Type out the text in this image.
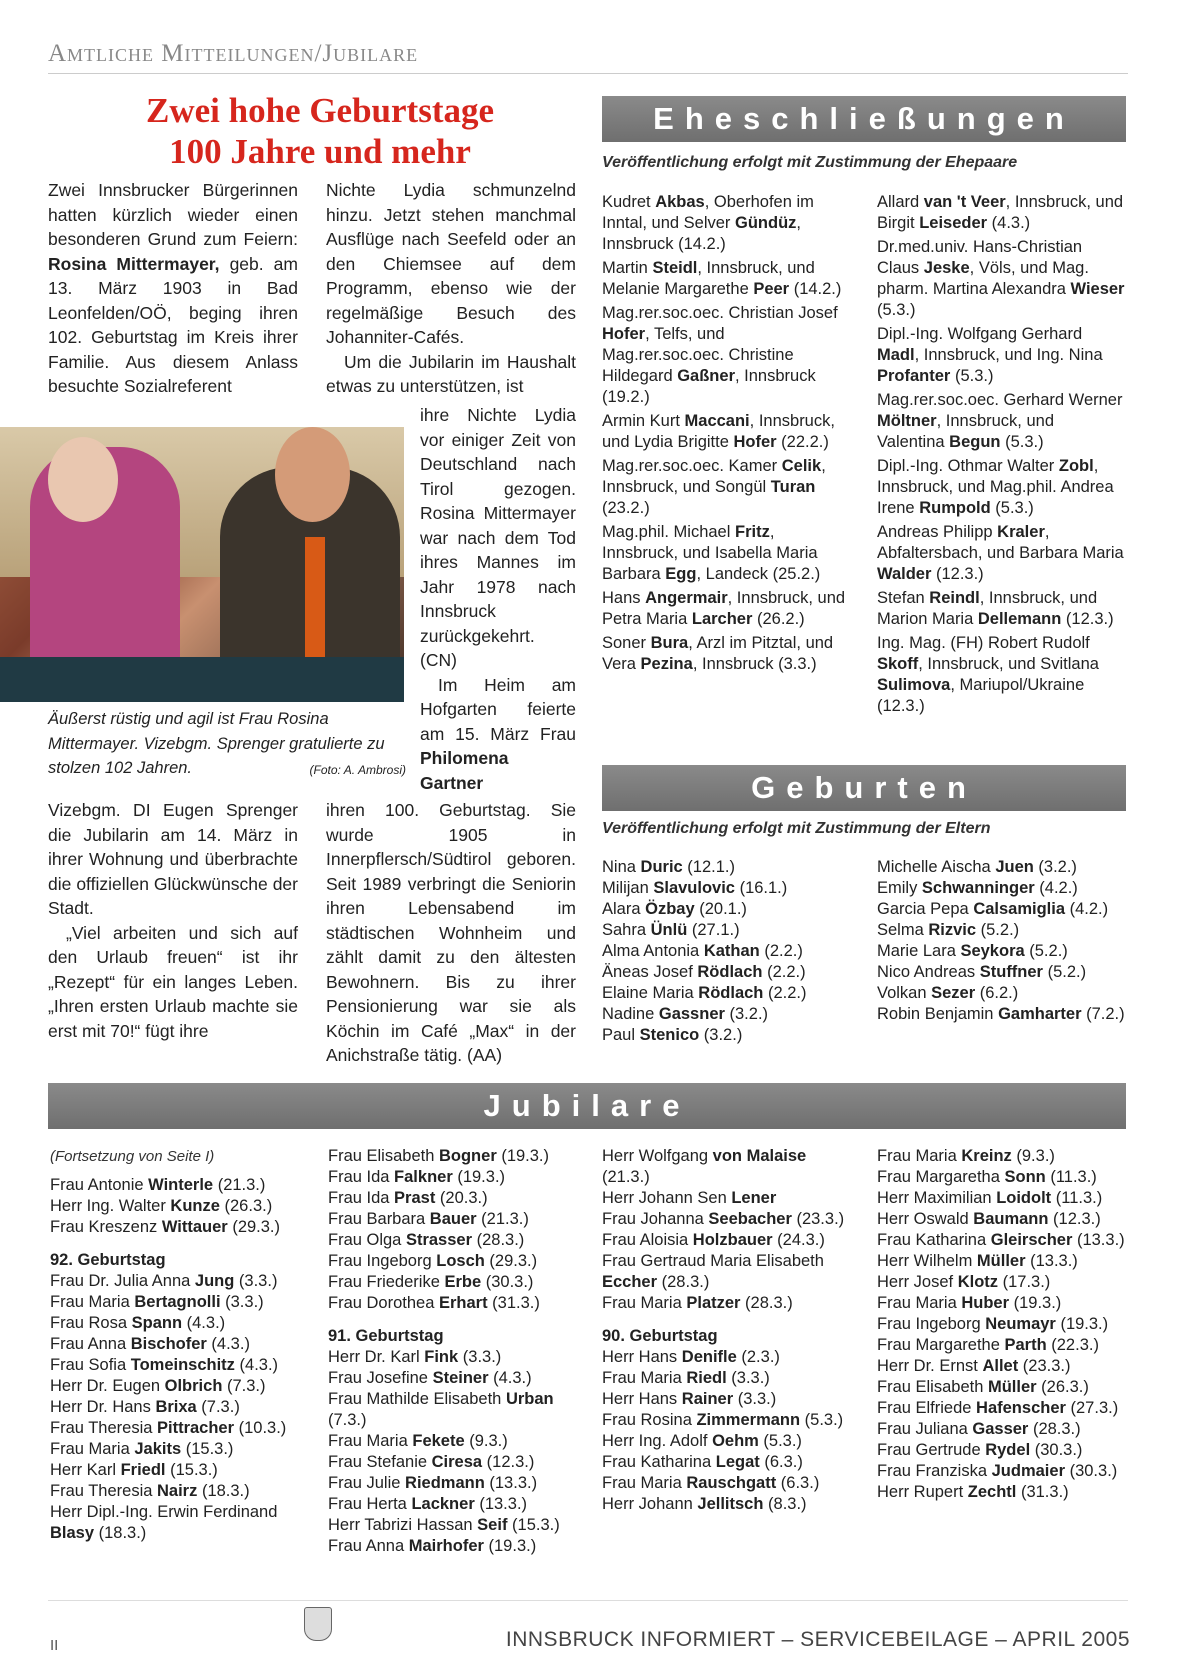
Amtliche Mitteilungen/Jubilare
Zwei hohe Geburtstage
100 Jahre und mehr

Zwei Innsbrucker Bürgerinnen hatten kürzlich wieder einen besonderen Grund zum Feiern: Rosina Mittermayer, geb. am 13. März 1903 in Bad Leonfelden/OÖ, beging ihren 102. Geburtstag im Kreis ihrer Familie. Aus diesem Anlass besuchte Sozialreferent

Äußerst rüstig und agil ist Frau Rosina Mittermayer. Vizebgm. Sprenger gratulierte zu stolzen 102 Jahren.	(Foto: A. Ambrosi)

Vizebgm. DI Eugen Sprenger die Jubilarin am 14. März in ihrer Wohnung und überbrachte die offiziellen Glückwünsche der Stadt.

„Viel arbeiten und sich auf den Urlaub freuen“ ist ihr „Rezept“ für ein langes Leben. „Ihren ersten Urlaub machte sie erst mit 70!“ fügt ihre

Nichte Lydia schmunzelnd hinzu. Jetzt stehen manchmal Ausflüge nach Seefeld oder an den Chiemsee auf dem Programm, ebenso wie der regelmäßige Besuch des Johanniter-Cafés.

Um die Jubilarin im Haushalt etwas zu unterstützen, ist

ihre Nichte Lydia vor einiger Zeit von Deutschland nach Tirol gezogen. Rosina Mittermayer war nach dem Tod ihres Mannes im Jahr 1978 nach Innsbruck zurückgekehrt. (CN)

Im Heim am Hofgarten feierte am 15. März Frau Philomena Gartner

ihren 100. Geburtstag. Sie wurde 1905 in Innerpflersch/Südtirol geboren. Seit 1989 verbringt die Seniorin ihren Lebensabend im städtischen Wohnheim und zählt damit zu den ältesten Bewohnern. Bis zu ihrer Pensionierung war sie als Köchin im Café „Max“ in der Anichstraße tätig. (AA)

Eheschließungen
Veröffentlichung erfolgt mit Zustimmung der Ehepaare
Kudret Akbas, Oberhofen im Inntal, und Selver Gündüz, Innsbruck (14.2.)
Martin Steidl, Innsbruck, und Melanie Margarethe Peer (14.2.)
Mag.rer.soc.oec. Christian Josef Hofer, Telfs, und Mag.rer.soc.oec. Christine Hildegard Gaßner, Innsbruck (19.2.)
Armin Kurt Maccani, Innsbruck, und Lydia Brigitte Hofer (22.2.)
Mag.rer.soc.oec. Kamer Celik, Innsbruck, und Songül Turan (23.2.)
Mag.phil. Michael Fritz, Innsbruck, und Isabella Maria Barbara Egg, Landeck (25.2.)
Hans Angermair, Innsbruck, und Petra Maria Larcher (26.2.)
Soner Bura, Arzl im Pitztal, und Vera Pezina, Innsbruck (3.3.)
Allard van 't Veer, Innsbruck, und Birgit Leiseder (4.3.)
Dr.med.univ. Hans-Christian Claus Jeske, Völs, und Mag. pharm. Martina Alexandra Wieser (5.3.)
Dipl.-Ing. Wolfgang Gerhard Madl, Innsbruck, und Ing. Nina Profanter (5.3.)
Mag.rer.soc.oec. Gerhard Werner Möltner, Innsbruck, und Valentina Begun (5.3.)
Dipl.-Ing. Othmar Walter Zobl, Innsbruck, und Mag.phil. Andrea Irene Rumpold (5.3.)
Andreas Philipp Kraler, Abfaltersbach, und Barbara Maria Walder (12.3.)
Stefan Reindl, Innsbruck, und Marion Maria Dellemann (12.3.)
Ing. Mag. (FH) Robert Rudolf Skoff, Innsbruck, und Svitlana Sulimova, Mariupol/Ukraine (12.3.)
Geburten
Veröffentlichung erfolgt mit Zustimmung der Eltern
Nina Duric (12.1.)
Milijan Slavulovic (16.1.)
Alara Özbay (20.1.)
Sahra Ünlü (27.1.)
Alma Antonia Kathan (2.2.)
Äneas Josef Rödlach (2.2.)
Elaine Maria Rödlach (2.2.)
Nadine Gassner (3.2.)
Paul Stenico (3.2.)
Michelle Aischa Juen (3.2.)
Emily Schwanninger (4.2.)
Garcia Pepa Calsamiglia (4.2.)
Selma Rizvic (5.2.)
Marie Lara Seykora (5.2.)
Nico Andreas Stuffner (5.2.)
Volkan Sezer (6.2.)
Robin Benjamin Gamharter (7.2.)
Jubilare
(Fortsetzung von Seite I)
Frau Antonie Winterle (21.3.)
Herr Ing. Walter Kunze (26.3.)
Frau Kreszenz Wittauer (29.3.)
92. Geburtstag
Frau Dr. Julia Anna Jung (3.3.)
Frau Maria Bertagnolli (3.3.)
Frau Rosa Spann (4.3.)
Frau Anna Bischofer (4.3.)
Frau Sofia Tomeinschitz (4.3.)
Herr Dr. Eugen Olbrich (7.3.)
Herr Dr. Hans Brixa (7.3.)
Frau Theresia Pittracher (10.3.)
Frau Maria Jakits (15.3.)
Herr Karl Friedl (15.3.)
Frau Theresia Nairz (18.3.)
Herr Dipl.-Ing. Erwin Ferdinand Blasy (18.3.)
Frau Elisabeth Bogner (19.3.)
Frau Ida Falkner (19.3.)
Frau Ida Prast (20.3.)
Frau Barbara Bauer (21.3.)
Frau Olga Strasser (28.3.)
Frau Ingeborg Losch (29.3.)
Frau Friederike Erbe (30.3.)
Frau Dorothea Erhart (31.3.)
91. Geburtstag
Herr Dr. Karl Fink (3.3.)
Frau Josefine Steiner (4.3.)
Frau Mathilde Elisabeth Urban (7.3.)
Frau Maria Fekete (9.3.)
Frau Stefanie Ciresa (12.3.)
Frau Julie Riedmann (13.3.)
Frau Herta Lackner (13.3.)
Herr Tabrizi Hassan Seif (15.3.)
Frau Anna Mairhofer (19.3.)
Herr Wolfgang von Malaise (21.3.)
Herr Johann Sen Lener
Frau Johanna Seebacher (23.3.)
Frau Aloisia Holzbauer (24.3.)
Frau Gertraud Maria Elisabeth Eccher (28.3.)
Frau Maria Platzer (28.3.)
90. Geburtstag
Herr Hans Denifle (2.3.)
Frau Maria Riedl (3.3.)
Herr Hans Rainer (3.3.)
Frau Rosina Zimmermann (5.3.)
Herr Ing. Adolf Oehm (5.3.)
Frau Katharina Legat (6.3.)
Frau Maria Rauschgatt (6.3.)
Herr Johann Jellitsch (8.3.)
Frau Maria Kreinz (9.3.)
Frau Margaretha Sonn (11.3.)
Herr Maximilian Loidolt (11.3.)
Herr Oswald Baumann (12.3.)
Frau Katharina Gleirscher (13.3.)
Herr Wilhelm Müller (13.3.)
Herr Josef Klotz (17.3.)
Frau Maria Huber (19.3.)
Frau Ingeborg Neumayr (19.3.)
Frau Margarethe Parth (22.3.)
Herr Dr. Ernst Allet (23.3.)
Frau Elisabeth Müller (26.3.)
Frau Elfriede Hafenscher (27.3.)
Frau Juliana Gasser (28.3.)
Frau Gertrude Rydel (30.3.)
Frau Franziska Judmaier (30.3.)
Herr Rupert Zechtl (31.3.)
II	INNSBRUCK INFORMIERT – SERVICEBEILAGE – APRIL 2005
